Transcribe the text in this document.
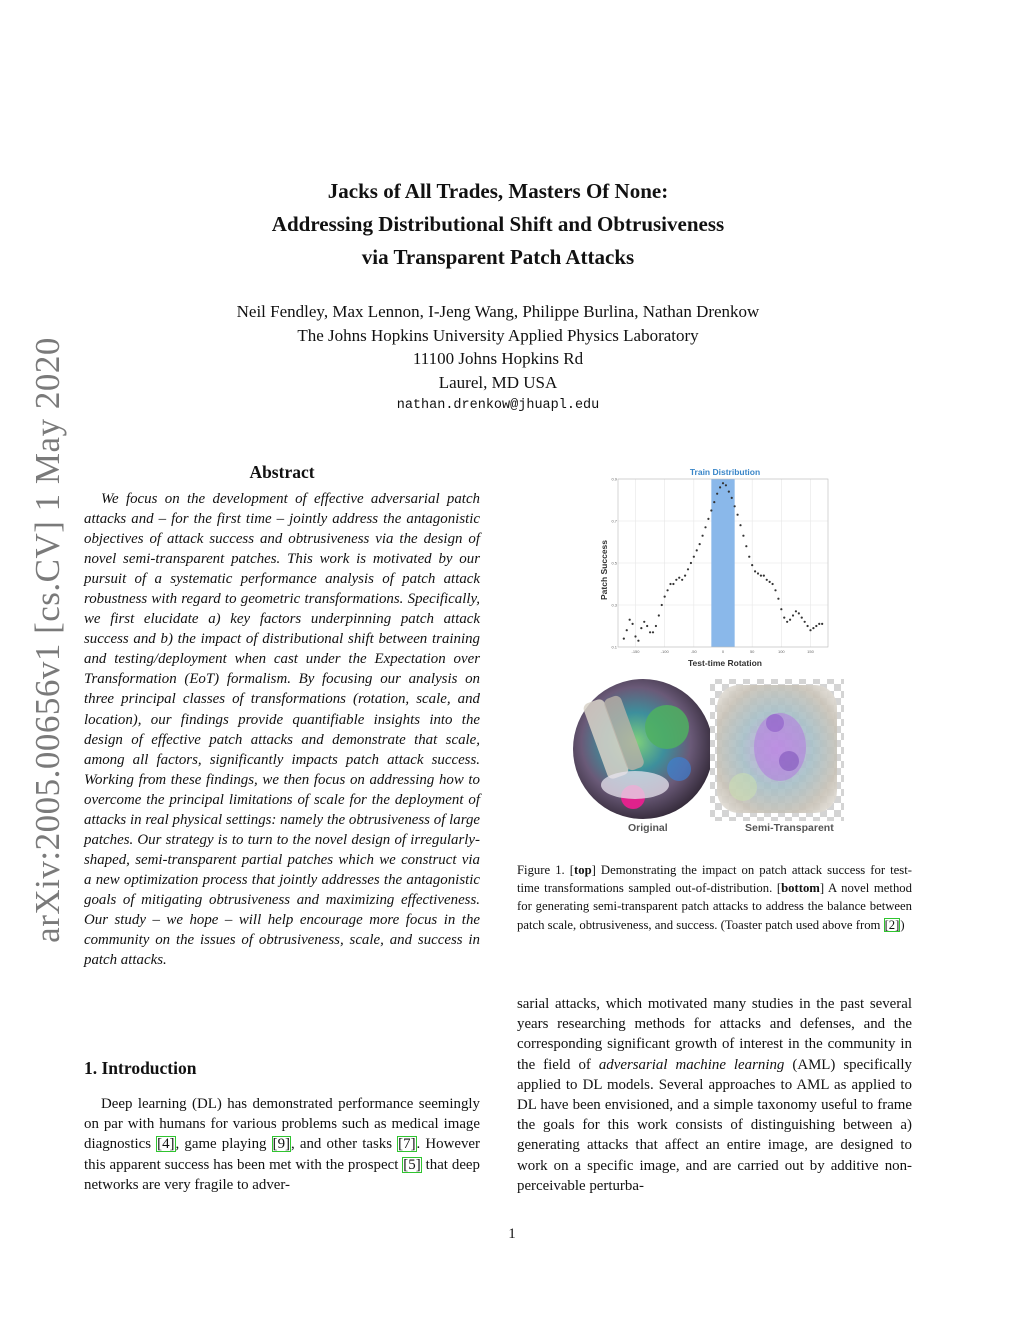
arXiv:2005.00656v1 [cs.CV] 1 May 2020
Jacks of All Trades, Masters Of None:
Addressing Distributional Shift and Obtrusiveness
via Transparent Patch Attacks
Neil Fendley, Max Lennon, I-Jeng Wang, Philippe Burlina, Nathan Drenkow
The Johns Hopkins University Applied Physics Laboratory
11100 Johns Hopkins Rd
Laurel, MD USA
nathan.drenkow@jhuapl.edu
Abstract
We focus on the development of effective adversarial patch attacks and – for the first time – jointly address the antagonistic objectives of attack success and obtrusiveness via the design of novel semi-transparent patches. This work is motivated by our pursuit of a systematic performance analysis of patch attack robustness with regard to geometric transformations. Specifically, we first elucidate a) key factors underpinning patch attack success and b) the impact of distributional shift between training and testing/deployment when cast under the Expectation over Transformation (EoT) formalism. By focusing our analysis on three principal classes of transformations (rotation, scale, and location), our findings provide quantifiable insights into the design of effective patch attacks and demonstrate that scale, among all factors, significantly impacts patch attack success. Working from these findings, we then focus on addressing how to overcome the principal limitations of scale for the deployment of attacks in real physical settings: namely the obtrusiveness of large patches. Our strategy is to turn to the novel design of irregularly-shaped, semi-transparent partial patches which we construct via a new optimization process that jointly addresses the antagonistic goals of mitigating obtrusiveness and maximizing effectiveness. Our study – we hope – will help encourage more focus in the community on the issues of obtrusiveness, scale, and success in patch attacks.
1. Introduction
Deep learning (DL) has demonstrated performance seemingly on par with humans for various problems such as medical image diagnostics [4], game playing [9], and other tasks [7]. However this apparent success has been met with the prospect [5] that deep networks are very fragile to adver-
Train Distribution
Patch Success
Test-time Rotation
0.1
0.3
0.5
0.7
0.9
-150	-100	-50	0	50	100	150
Original	Semi-Transparent
Figure 1. [top] Demonstrating the impact on patch attack success for test-time transformations sampled out-of-distribution. [bottom] A novel method for generating semi-transparent patch attacks to address the balance between patch scale, obtrusiveness, and success. (Toaster patch used above from [2])
sarial attacks, which motivated many studies in the past several years researching methods for attacks and defenses, and the corresponding significant growth of interest in the community in the field of adversarial machine learning (AML) specifically applied to DL models. Several approaches to AML as applied to DL have been envisioned, and a simple taxonomy useful to frame the goals for this work consists of distinguishing between a) generating attacks that affect an entire image, are designed to work on a specific image, and are carried out by additive non-perceivable perturba-
1
